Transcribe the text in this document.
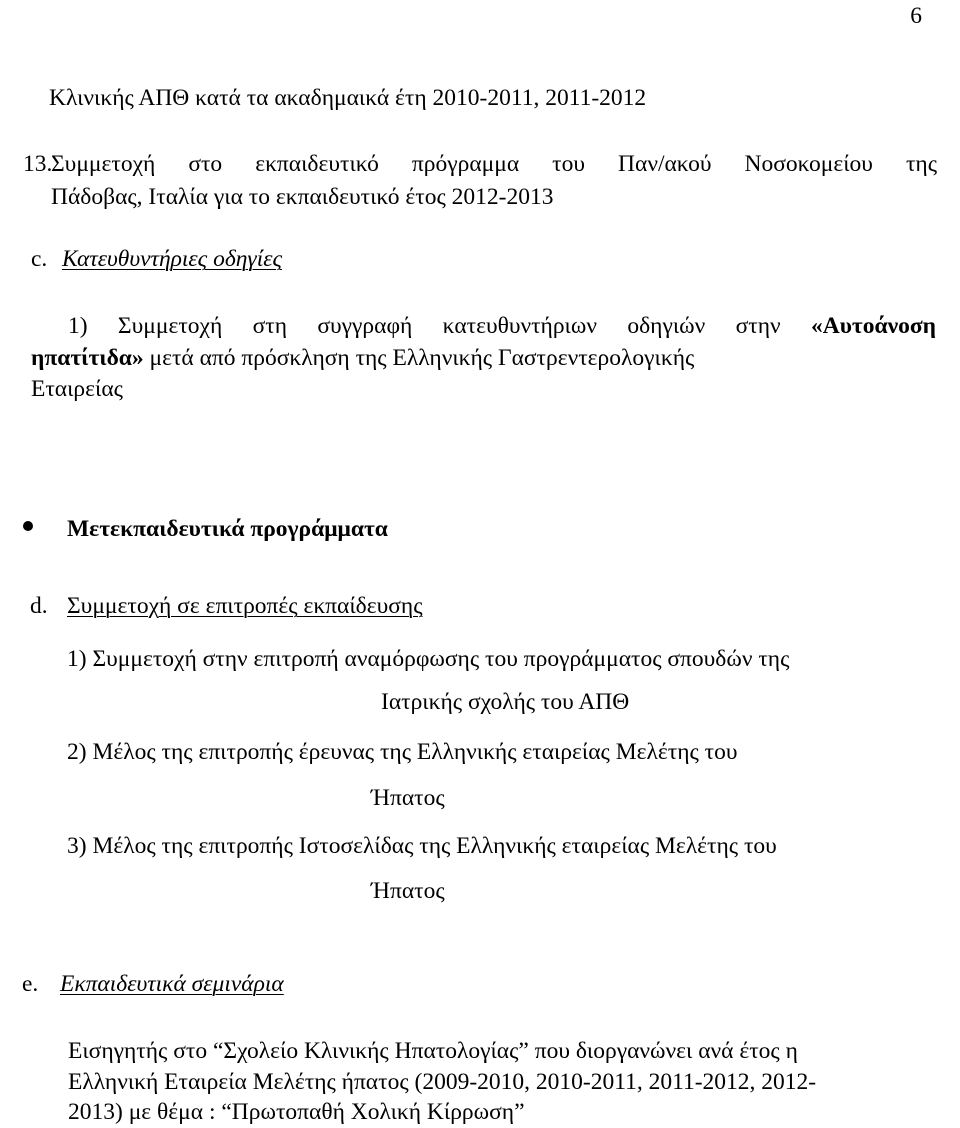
6
Κλινικής ΑΠΘ κατά τα ακαδημαικά έτη 2010-2011, 2011-2012
13.
Συμμετοχή στο εκπαιδευτικό πρόγραμμα του Παν/ακού Νοσοκομείου της
Πάδοβας, Ιταλία για το εκπαιδευτικό έτος 2012-2013
c. Κατευθυντήριες οδηγίες
1) Συμμετοχή στη συγγραφή κατευθυντήριων οδηγιών στην «Αυτοάνοση
ηπατίτιδα» μετά από πρόσκληση της Ελληνικής Γαστρεντερολογικής
Εταιρείας
Μετεκπαιδευτικά προγράμματα
d. Συμμετοχή σε επιτροπές εκπαίδευσης
1) Συμμετοχή στην επιτροπή αναμόρφωσης του προγράμματος σπουδών της
Ιατρικής σχολής του ΑΠΘ
2) Μέλος της επιτροπής έρευνας της Ελληνικής εταιρείας Μελέτης του
Ήπατος
3) Μέλος της επιτροπής Ιστοσελίδας της Ελληνικής εταιρείας Μελέτης του
Ήπατος
e. Εκπαιδευτικά σεμινάρια
Εισηγητής στο “Σχολείο Κλινικής Ηπατολογίας” που διοργανώνει ανά έτος η
Ελληνική Εταιρεία Μελέτης ήπατος (2009-2010, 2010-2011, 2011-2012, 2012-
2013) με θέμα : “Πρωτοπαθή Χολική Κίρρωση”
